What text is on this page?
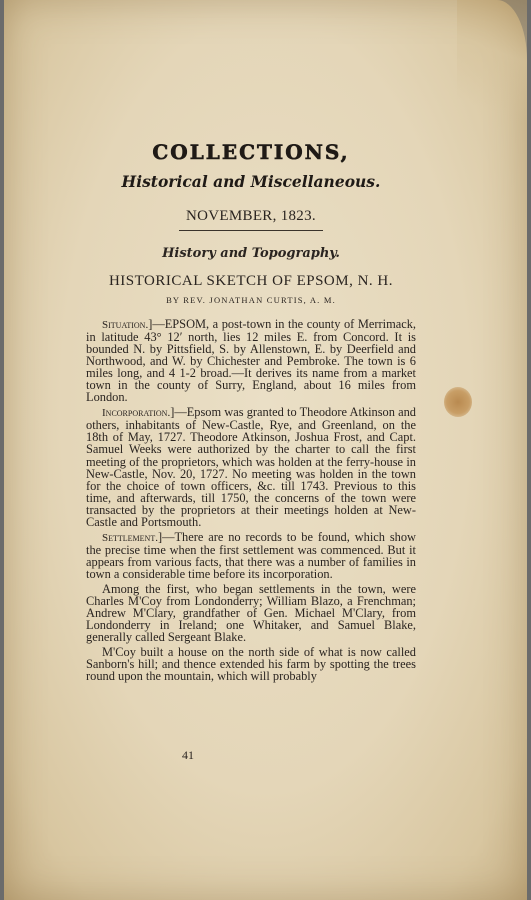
COLLECTIONS,
Historical and Miscellaneous.
NOVEMBER, 1823.
History and Topography.
HISTORICAL SKETCH OF EPSOM, N. H.
BY REV. JONATHAN CURTIS, A. M.

Situation.]—EPSOM, a post-town in the county of Merrimack, in latitude 43° 12′ north, lies 12 miles E. from Concord. It is bounded N. by Pittsfield, S. by Allenstown, E. by Deerfield and Northwood, and W. by Chichester and Pembroke. The town is 6 miles long, and 4 1-2 broad.—It derives its name from a market town in the county of Surry, England, about 16 miles from London.

Incorporation.]—Epsom was granted to Theodore Atkinson and others, inhabitants of New-Castle, Rye, and Greenland, on the 18th of May, 1727. Theodore Atkinson, Joshua Frost, and Capt. Samuel Weeks were authorized by the charter to call the first meeting of the proprietors, which was holden at the ferry-house in New-Castle, Nov. 20, 1727. No meeting was holden in the town for the choice of town officers, &c. till 1743. Previous to this time, and afterwards, till 1750, the concerns of the town were transacted by the proprietors at their meetings holden at New-Castle and Portsmouth.

Settlement.]—There are no records to be found, which show the precise time when the first settlement was commenced. But it appears from various facts, that there was a number of families in town a considerable time before its incorporation.

Among the first, who began settlements in the town, were Charles M'Coy from Londonderry; William Blazo, a Frenchman; Andrew M'Clary, grandfather of Gen. Michael M'Clary, from Londonderry in Ireland; one Whitaker, and Samuel Blake, generally called Sergeant Blake.

M'Coy built a house on the north side of what is now called Sanborn's hill; and thence extended his farm by spotting the trees round upon the mountain, which will probably

41
